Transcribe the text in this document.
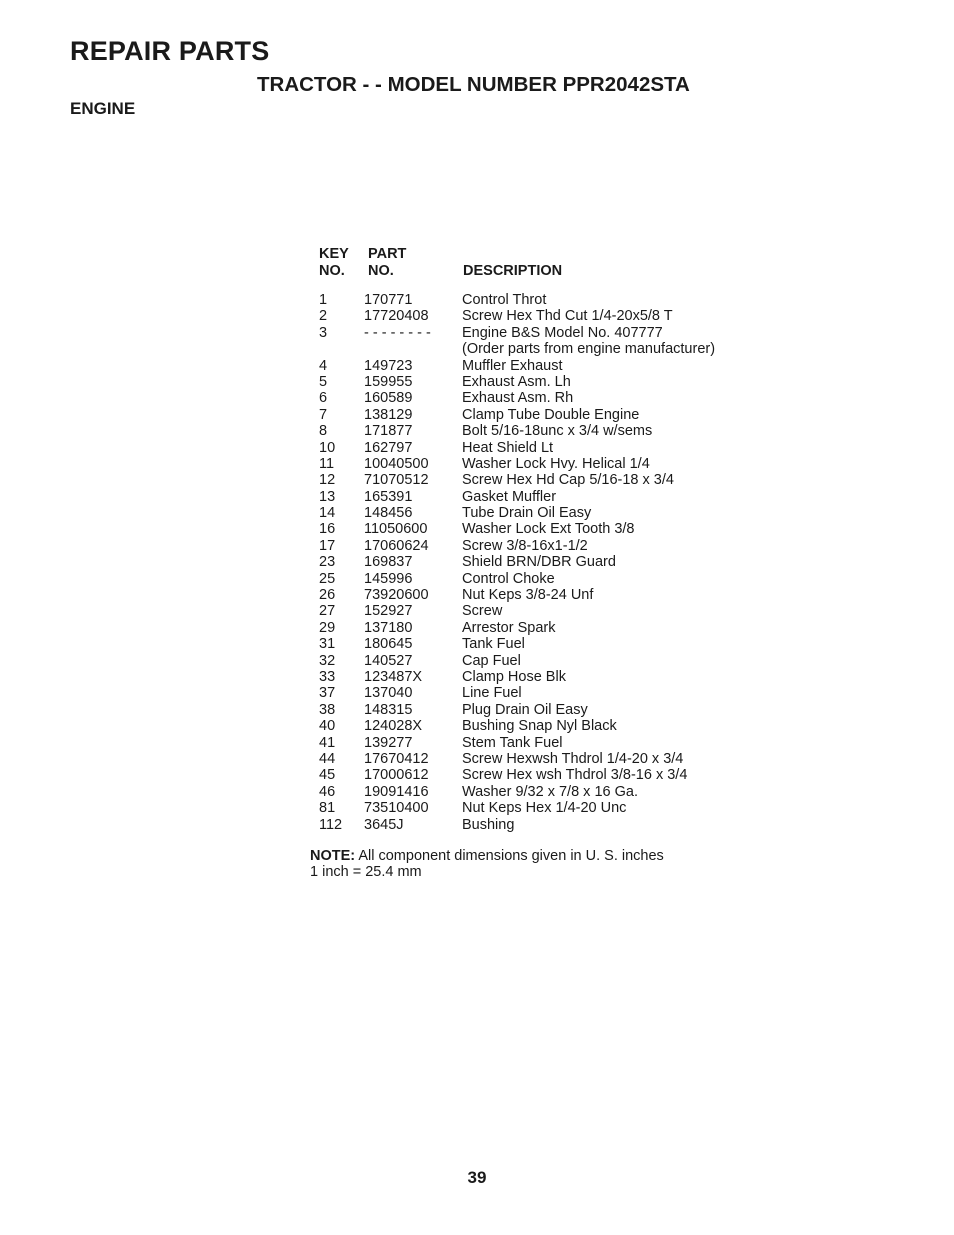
REPAIR PARTS
TRACTOR - - MODEL NUMBER PPR2042STA
ENGINE
KEY
NO.
PART
NO.	DESCRIPTION
1	170771	Control Throt
2	17720408 Screw Hex Thd Cut 1/4-20x5/8 T
3	- - - - - - - - Engine B&S Model No. 407777
(Order parts from engine manufacturer)
4	149723	Muffler Exhaust
5	159955	Exhaust Asm. Lh
6	160589	Exhaust Asm. Rh
7	138129	Clamp Tube Double Engine
8	171877	Bolt 5/16-18unc x 3/4 w/sems
10 162797	Heat Shield Lt
11 10040500 Washer Lock Hvy. Helical 1/4
12 71070512 Screw Hex Hd Cap 5/16-18 x 3/4
13 165391	Gasket Muffler
14 148456	Tube Drain Oil Easy
16 11050600 Washer Lock Ext Tooth 3/8
17 17060624 Screw 3/8-16x1-1/2
23 169837	Shield BRN/DBR Guard
25 145996	Control Choke
26 73920600 Nut Keps 3/8-24 Unf
27 152927	Screw
29 137180	Arrestor Spark
31 180645	Tank Fuel
32 140527	Cap Fuel
33 123487X	Clamp Hose Blk
37 137040	Line Fuel
38 148315	Plug Drain Oil Easy
40 124028X	Bushing Snap Nyl Black
41 139277	Stem Tank Fuel
44 17670412 Screw Hexwsh Thdrol 1/4-20 x 3/4
45 17000612 Screw Hex wsh Thdrol 3/8-16 x 3/4
46 19091416 Washer 9/32 x 7/8 x 16 Ga.
81 73510400 Nut Keps Hex 1/4-20 Unc
112 3645J	Bushing
NOTE: All component dimensions given in U. S. inches 1 inch = 25.4 mm
39
